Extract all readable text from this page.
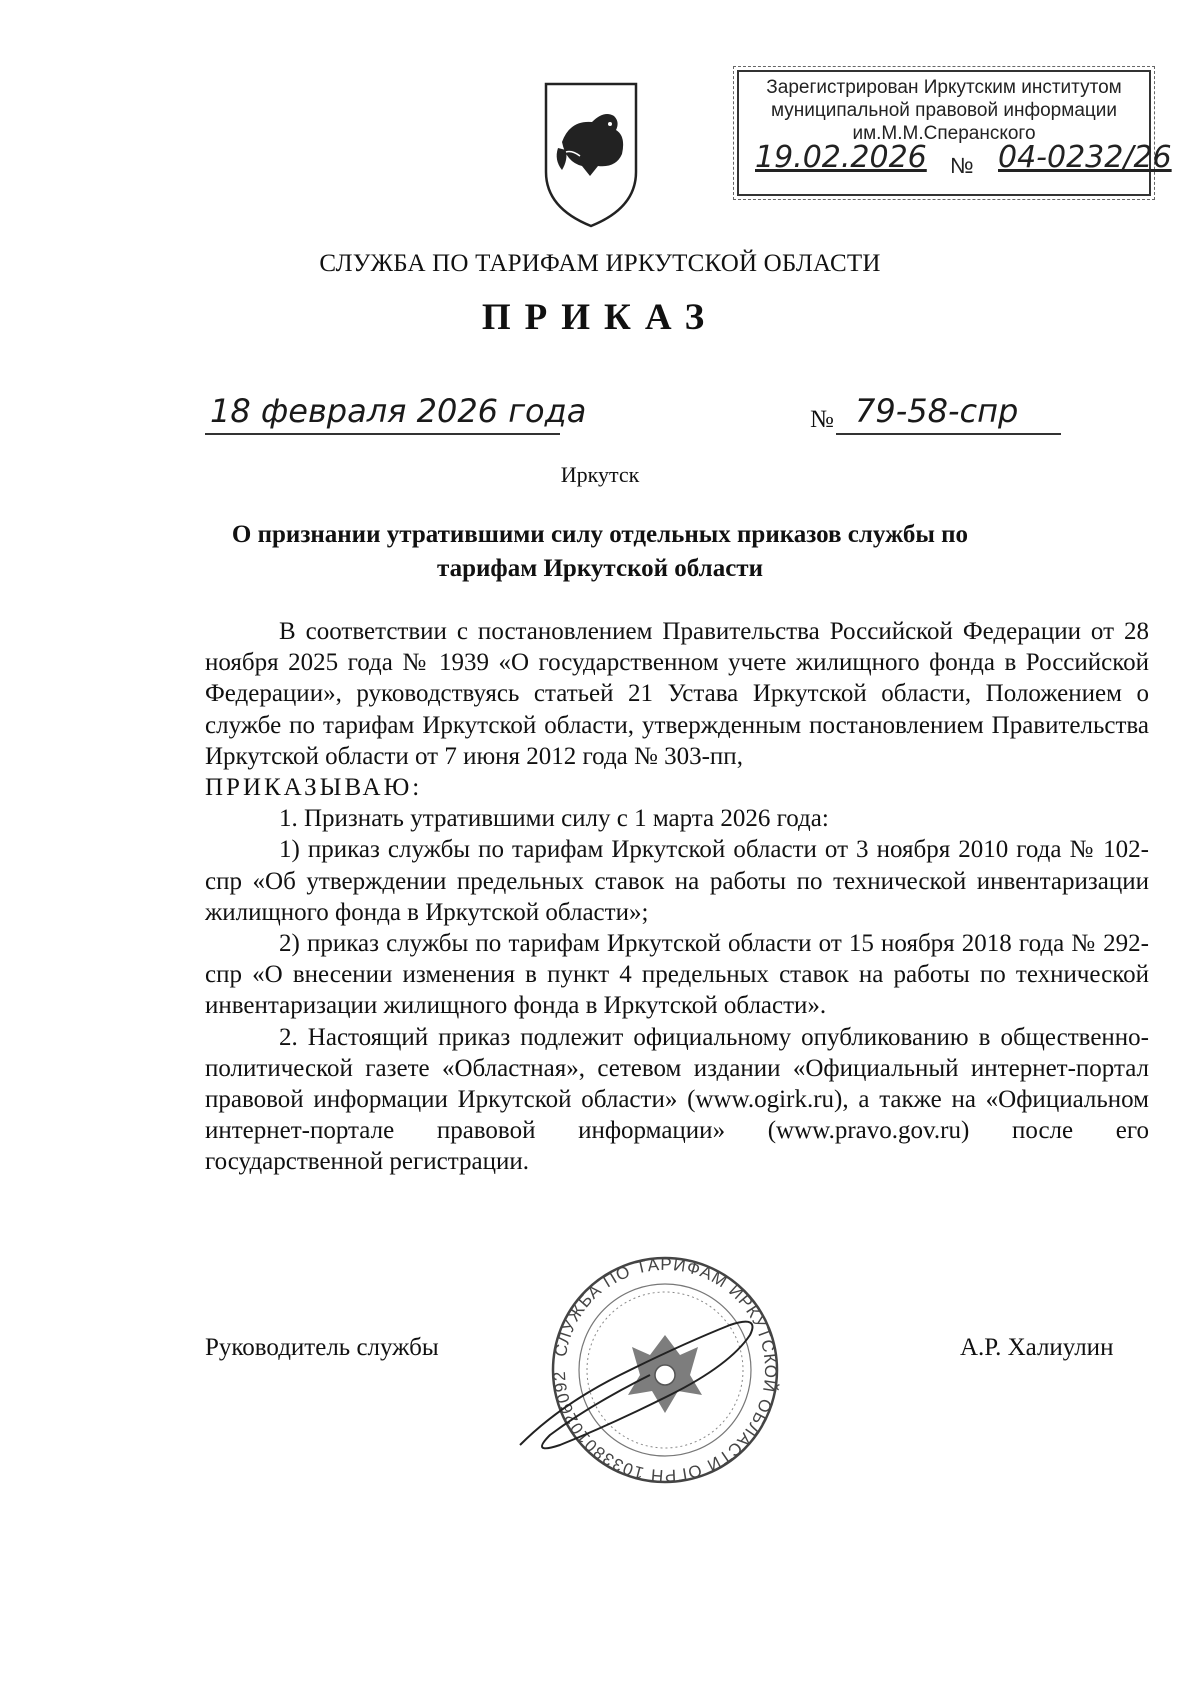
Зарегистрирован Иркутским институтом
муниципальной правовой информации
им.М.М.Сперанского
19.02.2026 № 04-0232/26
СЛУЖБА ПО ТАРИФАМ ИРКУТСКОЙ ОБЛАСТИ
ПРИКАЗ
18 февраля 2026 года	№ 79-58-спр
Иркутск
О признании утратившими силу отдельных приказов службы по
тарифам Иркутской области

В соответствии с постановлением Правительства Российской Федерации от 28 ноября 2025 года № 1939 «О государственном учете жилищного фонда в Российской Федерации», руководствуясь статьей 21 Устава Иркутской области, Положением о службе по тарифам Иркутской области, утвержденным постановлением Правительства Иркутской области от 7 июня 2012 года № 303-пп,

ПРИКАЗЫВАЮ:

1. Признать утратившими силу с 1 марта 2026 года:

1) приказ службы по тарифам Иркутской области от 3 ноября 2010 года № 102-спр «Об утверждении предельных ставок на работы по технической инвентаризации жилищного фонда в Иркутской области»;

2) приказ службы по тарифам Иркутской области от 15 ноября 2018 года № 292-спр «О внесении изменения в пункт 4 предельных ставок на работы по технической инвентаризации жилищного фонда в Иркутской области».

2. Настоящий приказ подлежит официальному опубликованию в общественно-политической газете «Областная», сетевом издании «Официальный интернет-портал правовой информации Иркутской области» (www.ogirk.ru), а также на «Официальном интернет-портале правовой информации» (www.pravo.gov.ru) после его государственной регистрации.

Руководитель службы	А.Р. Халиулин
СЛУЖБА ПО ТАРИФАМ ИРКУТСКОЙ ОБЛАСТИ ОГРН 1033801026092
